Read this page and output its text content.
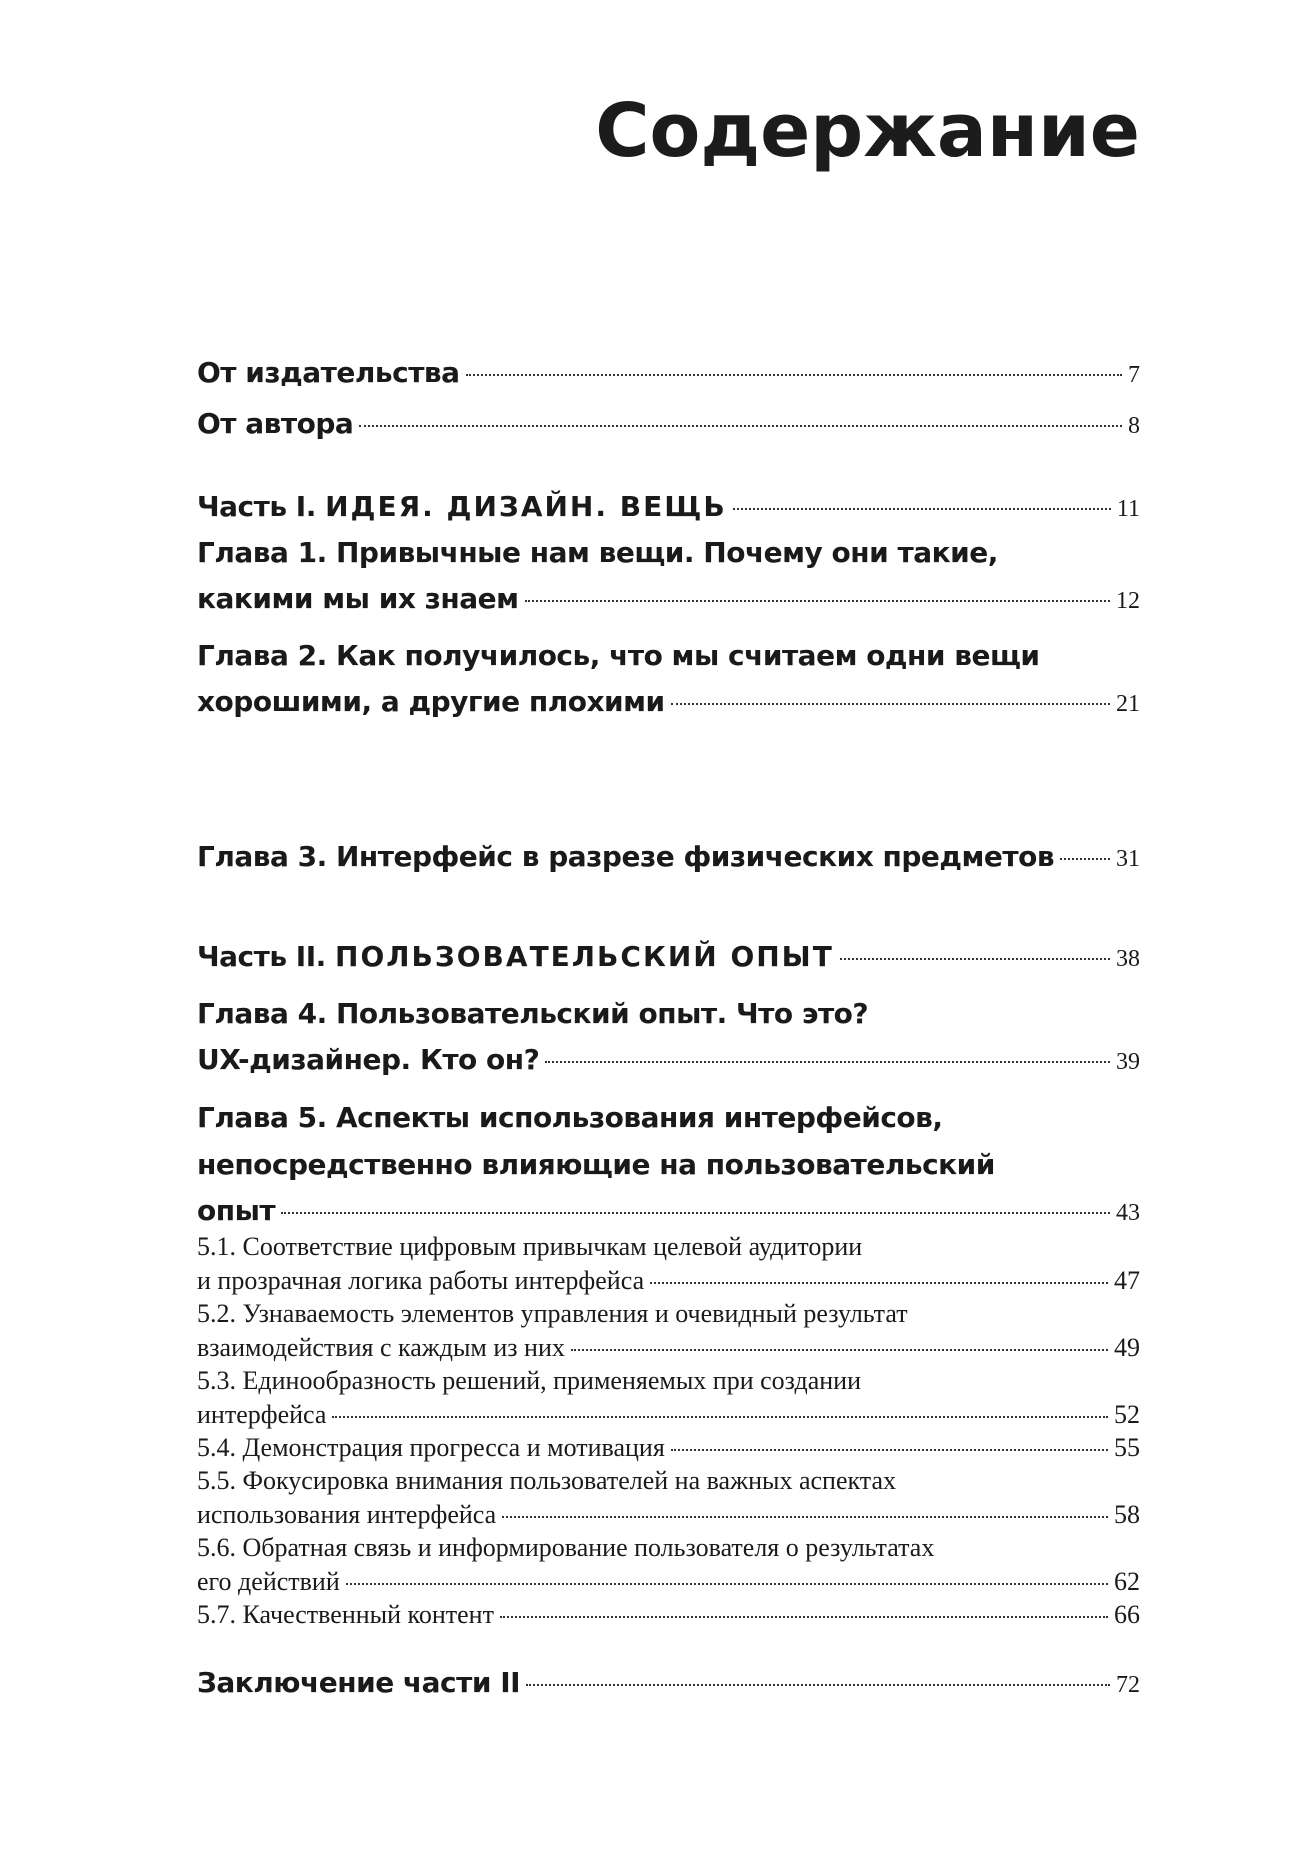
Содержание
От издательства	7
От автора	8
Часть I. ИДЕЯ. ДИЗАЙН. ВЕЩЬ	11
Глава 1. Привычные нам вещи. Почему они такие,
какими мы их знаем	12
Глава 2. Как получилось, что мы считаем одни вещи
хорошими, а другие плохими	21
Глава 3. Интерфейс в разрезе физических предметов	31
Часть II. ПОЛЬЗОВАТЕЛЬСКИЙ ОПЫТ	38
Глава 4. Пользовательский опыт. Что это?
UX-дизайнер. Кто он?	39
Глава 5. Аспекты использования интерфейсов,
непосредственно влияющие на пользовательский
опыт	43
5.1. Соответствие цифровым привычкам целевой аудитории
и прозрачная логика работы интерфейса	47
5.2. Узнаваемость элементов управления и очевидный результат
взаимодействия с каждым из них	49
5.3. Единообразность решений, применяемых при создании
интерфейса	52
5.4. Демонстрация прогресса и мотивация	55
5.5. Фокусировка внимания пользователей на важных аспектах
использования интерфейса	58
5.6. Обратная связь и информирование пользователя о результатах
его действий	62
5.7. Качественный контент	66
Заключение части II	72
